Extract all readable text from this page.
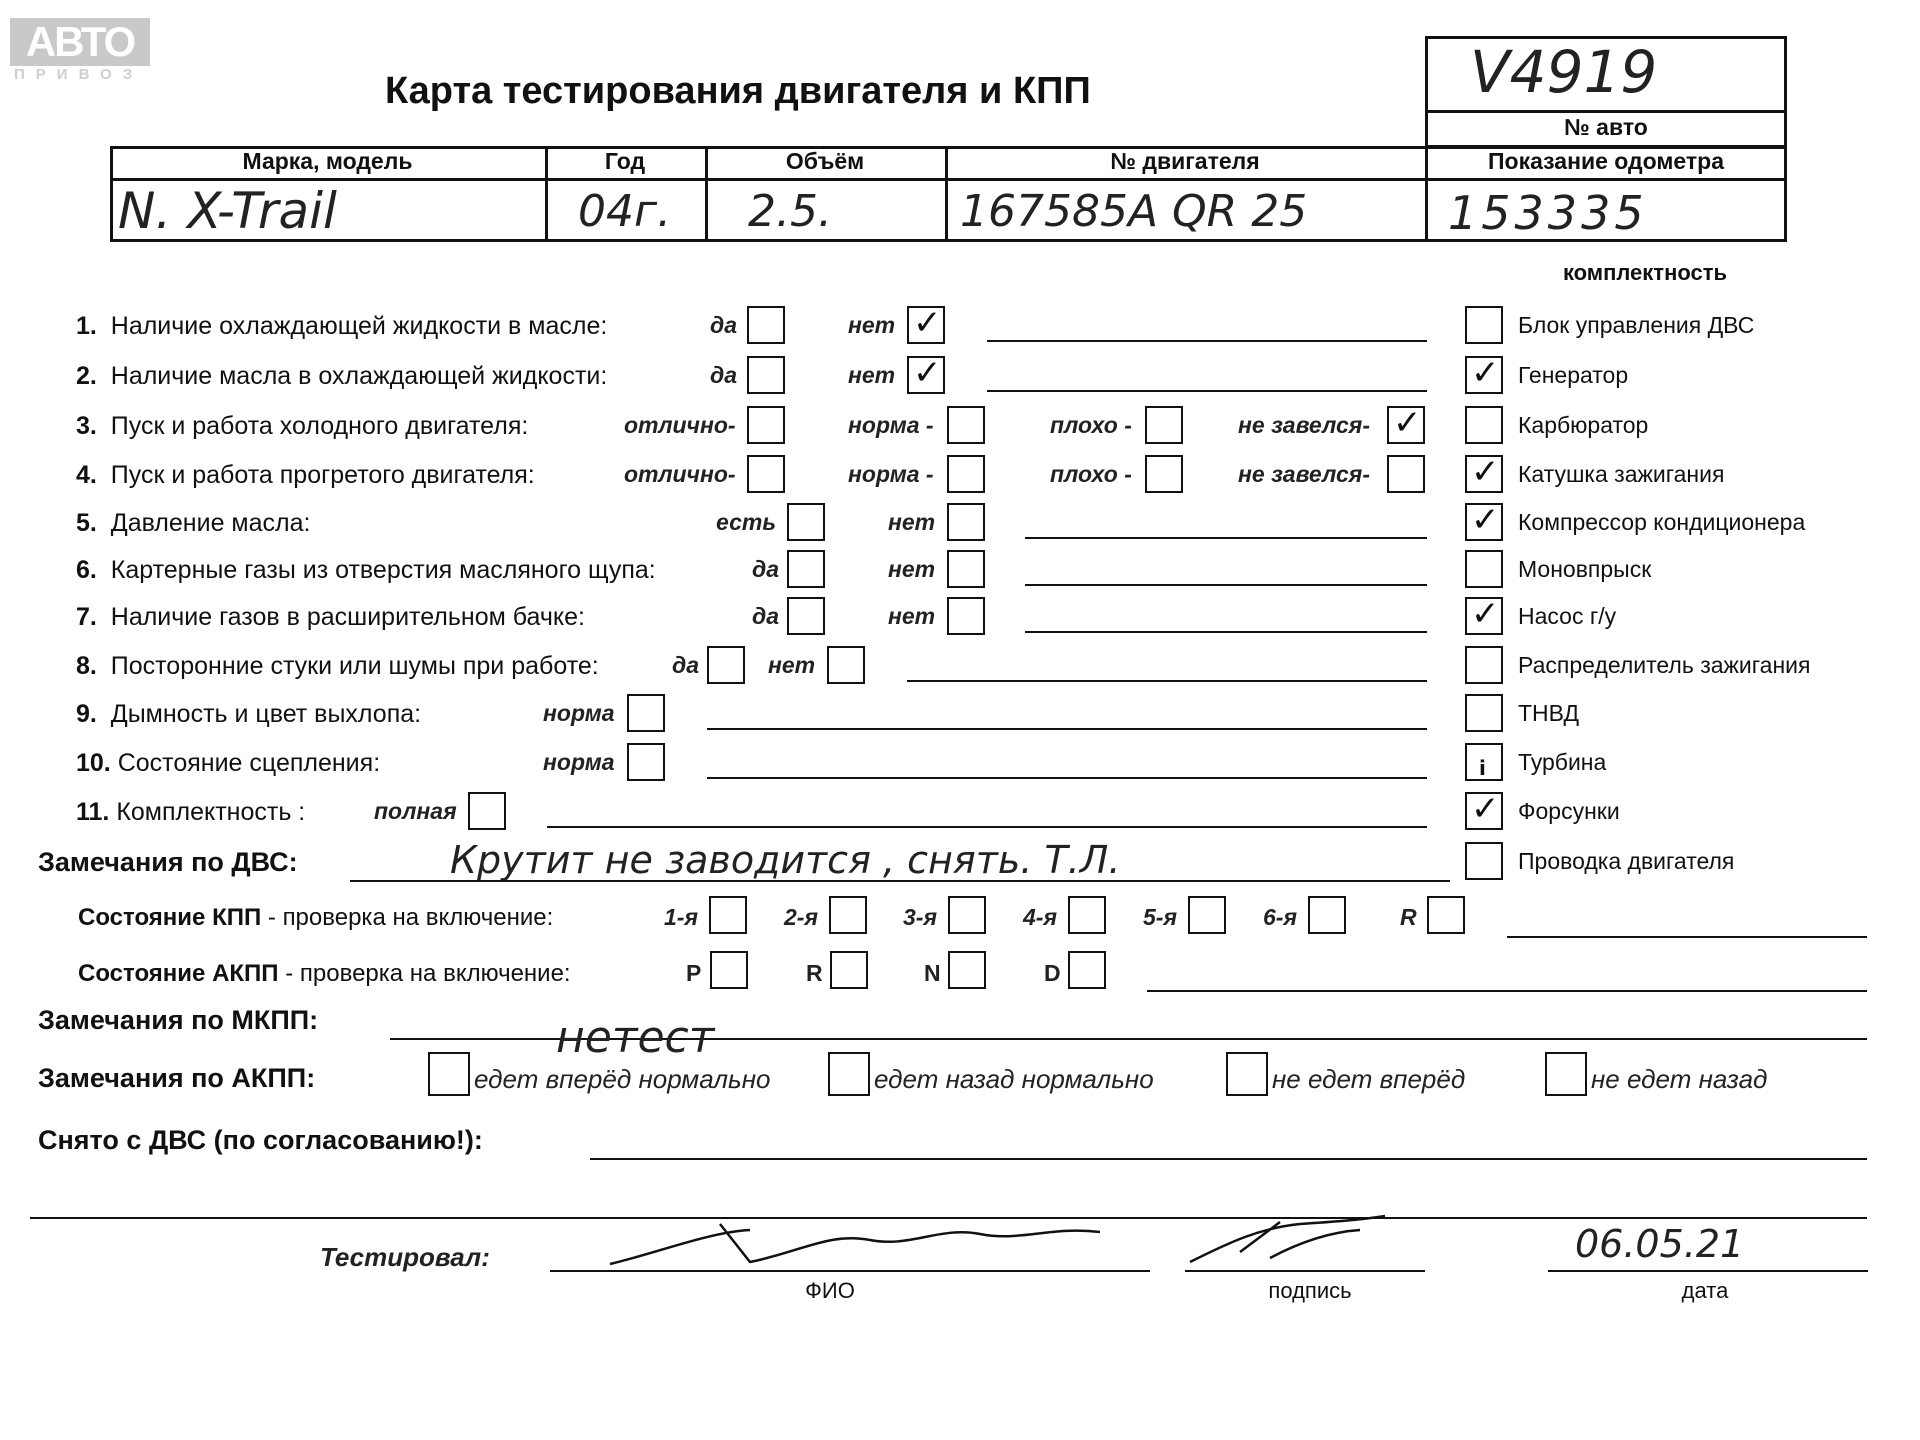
АВТО
ПРИВОЗ	Карта тестирования двигателя и КПП	V4919
№ авто
Марка, модель	Год	Объём	№ двигателя	Показание одометра
N. X-Trail	04г. 2.5.	167585A QR 25	153335
комплектность
1. Наличие охлаждающей жидкости в масле:	да	нет ✓
2. Наличие масла в охлаждающей жидкости:	да	нет ✓
3. Пуск и работа холодного двигателя:	отлично-	норма -	плохо -	не завелся- ✓
4. Пуск и работа прогретого двигателя:	отлично-	норма -	плохо -	не завелся-
5. Давление масла:	есть	нет
6. Картерные газы из отверстия масляного щупа:	да	нет
7. Наличие газов в расширительном бачке:	да	нет
8. Посторонние стуки или шумы при работе:	да	нет
9. Дымность и цвет выхлопа:	норма
10. Состояние сцепления:	норма
11. Комплектность :	полная
Блок управления ДВС
✓ Генератор
Карбюратор
✓ Катушка зажигания
✓ Компрессор кондиционера
Моновпрыск
✓ Насос г/у
Распределитель зажигания
ТНВД
i Турбина
✓ Форсунки
Проводка двигателя
Замечания по ДВС:	Крутит не заводится , снять. Т.Л.
Состояние КПП - проверка на включение:	1-я	2-я	3-я	4-я	5-я	6-я	R
Состояние АКПП - проверка на включение:	P	R	N	D
Замечания по МКПП:	нетест
Замечания по АКПП:	едет вперёд нормально	едет назад нормально	не едет вперёд	не едет назад
Снято с ДВС (по согласованию!):
Тестировал:
ФИО	подпись
06.05.21
дата
